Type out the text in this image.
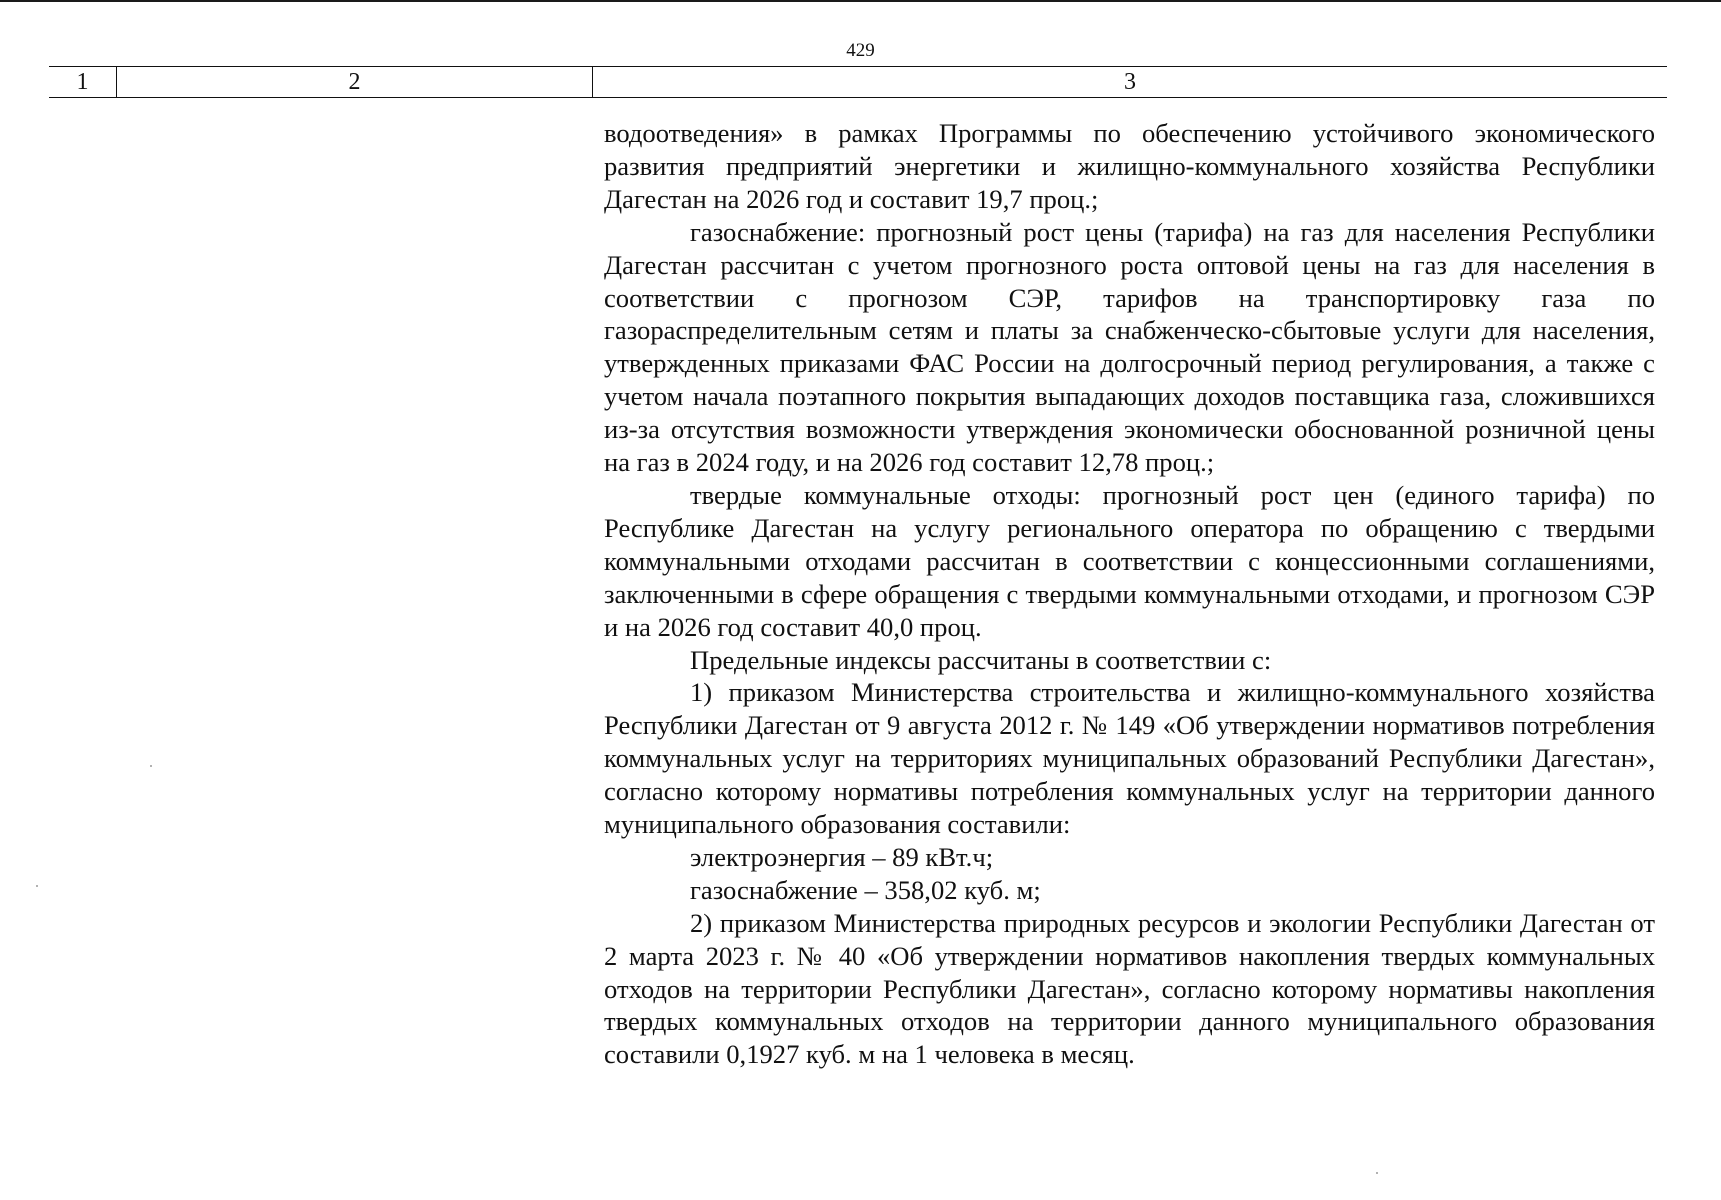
429
1	2	3

водоотведения» в рамках Программы по обеспечению устойчивого экономического развития предприятий энергетики и жилищно-коммунального хозяйства Республики Дагестан на 2026 год и составит 19,7 проц.;

газоснабжение: прогнозный рост цены (тарифа) на газ для населения Республики Дагестан рассчитан с учетом прогнозного роста оптовой цены на газ для населения в соответствии с прогнозом СЭР, тарифов на транспортировку газа по газораспределительным сетям и платы за снабженческо-сбытовые услуги для населения, утвержденных приказами ФАС России на долгосрочный период регулирования, а также с учетом начала поэтапного покрытия выпадающих доходов поставщика газа, сложившихся из-за отсутствия возможности утверждения экономически обоснованной розничной цены на газ в 2024 году, и на 2026 год составит 12,78 проц.;

твердые коммунальные отходы: прогнозный рост цен (единого тарифа) по Республике Дагестан на услугу регионального оператора по обращению с твердыми коммунальными отходами рассчитан в соответствии с концессионными соглашениями, заключенными в сфере обращения с твердыми коммунальными отходами, и прогнозом СЭР и на 2026 год составит 40,0 проц.

Предельные индексы рассчитаны в соответствии с:

1) приказом Министерства строительства и жилищно-коммунального хозяйства Республики Дагестан от 9 августа 2012 г. № 149 «Об утверждении нормативов потребления коммунальных услуг на территориях муниципальных образований Республики Дагестан», согласно которому нормативы потребления коммунальных услуг на территории данного муниципального образования составили:

электроэнергия – 89 кВт.ч;

газоснабжение – 358,02 куб. м;

2) приказом Министерства природных ресурсов и экологии Республики Дагестан от 2 марта 2023 г. № 40 «Об утверждении нормативов накопления твердых коммунальных отходов на территории Республики Дагестан», согласно которому нормативы накопления твердых коммунальных отходов на территории данного муниципального образования составили 0,1927 куб. м на 1 человека в месяц.
